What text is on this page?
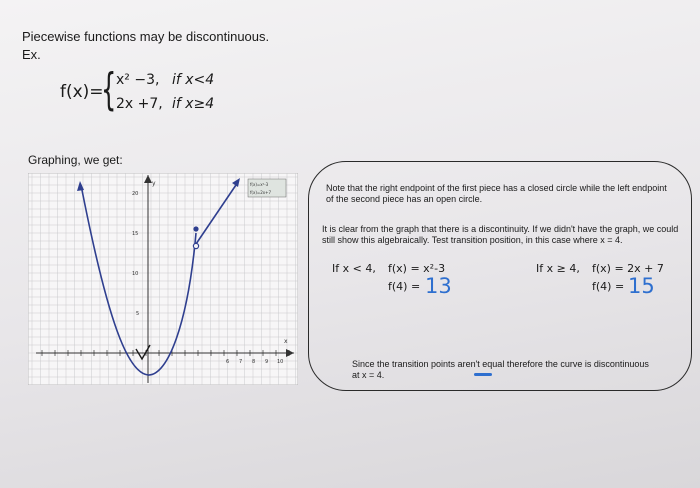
Piecewise functions may be discontinuous.
Ex.
f(x)=
{ x² −3, if x<4
2x +7, if x≥4
Graphing, we get:
y
x
20
15
10
5
6 7 8 9 10
f(x)=x²-3
f(x)=2x+7	Note that the right endpoint of the first piece has a closed circle while the left endpoint of the second piece has an open circle.
It is clear from the graph that there is a discontinuity. If we didn't have the graph, we could still show this algebraically. Test transition position, in this case where x = 4.
If x < 4, f(x) = x²-3
f(4) = 13
If x ≥ 4, f(x) = 2x + 7
f(4) = 15
Since the transition points aren't equal therefore the curve is discontinuous at x = 4.
